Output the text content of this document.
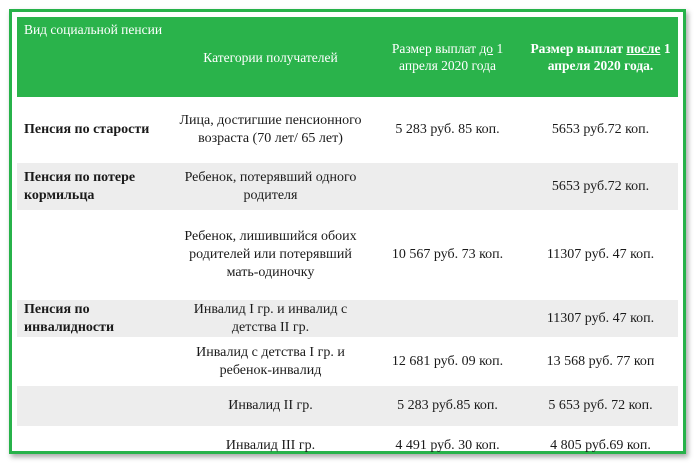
Вид социальной пенсии	Категории получателей	Размер выплат до 1 апреля 2020 года	Размер выплат после 1 апреля 2020 года.
Пенсия по старости	Лица, достигшие пенсионного возраста (70 лет/ 65 лет)	5 283 руб. 85 коп.	5653 руб.72 коп.
Пенсия по потере кормильца	Ребенок, потерявший одного родителя		5653 руб.72 коп.
	Ребенок, лишившийся обоих родителей или потерявший мать-одиночку	10 567 руб. 73 коп.	11307 руб. 47 коп.
Пенсия по инвалидности	Инвалид I гр. и инвалид с детства II гр.		11307 руб. 47 коп.
	Инвалид с детства I гр. и ребенок-инвалид	12 681 руб. 09 коп.	13 568 руб. 77 коп
	Инвалид II гр.	5 283 руб.85 коп.	5 653 руб. 72 коп.
	Инвалид III гр.	4 491 руб. 30 коп.	4 805 руб.69 коп.
